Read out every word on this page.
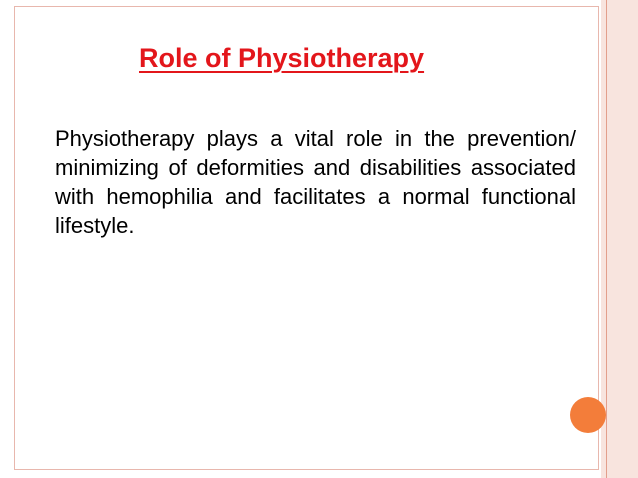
Role of Physiotherapy

Physiotherapy plays a vital role in the prevention/ minimizing of deformities and disabilities associated with hemophilia and facilitates a normal functional lifestyle.
